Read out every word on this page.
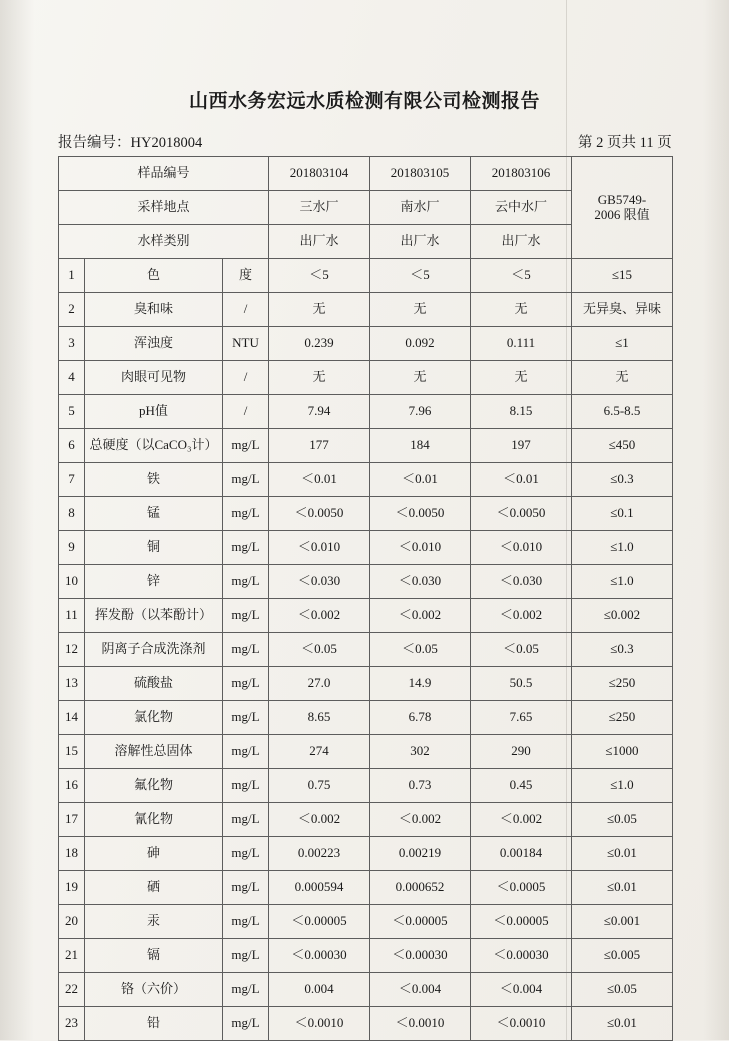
山西水务宏远水质检测有限公司检测报告
报告编号：HY2018004	第 2 页共 11 页
样品编号			201803104	201803105	201803106	GB5749-
2006 限值

采样地点			三水厂	南水厂	云中水厂	
水样类别			出厂水	出厂水	出厂水	
1	色	度	＜5	＜5	＜5	≤15
2	臭和味	/	无	无	无	无异臭、异味
3	浑浊度	NTU	0.239	0.092	0.111	≤1
4	肉眼可见物	/	无	无	无	无
5	pH值	/	7.94	7.96	8.15	6.5-8.5
6	总硬度（以CaCO₃计）	mg/L	177	184	197	≤450
7	铁	mg/L	＜0.01	＜0.01	＜0.01	≤0.3
8	锰	mg/L	＜0.0050	＜0.0050	＜0.0050	≤0.1
9	铜	mg/L	＜0.010	＜0.010	＜0.010	≤1.0
10	锌	mg/L	＜0.030	＜0.030	＜0.030	≤1.0
11	挥发酚（以苯酚计）	mg/L	＜0.002	＜0.002	＜0.002	≤0.002
12	阴离子合成洗涤剂	mg/L	＜0.05	＜0.05	＜0.05	≤0.3
13	硫酸盐	mg/L	27.0	14.9	50.5	≤250
14	氯化物	mg/L	8.65	6.78	7.65	≤250
15	溶解性总固体	mg/L	274	302	290	≤1000
16	氟化物	mg/L	0.75	0.73	0.45	≤1.0
17	氰化物	mg/L	＜0.002	＜0.002	＜0.002	≤0.05
18	砷	mg/L	0.00223	0.00219	0.00184	≤0.01
19	硒	mg/L	0.000594	0.000652	＜0.0005	≤0.01
20	汞	mg/L	＜0.00005	＜0.00005	＜0.00005	≤0.001
21	镉	mg/L	＜0.00030	＜0.00030	＜0.00030	≤0.005
22	铬（六价）	mg/L	0.004	＜0.004	＜0.004	≤0.05
23	铅	mg/L	＜0.0010	＜0.0010	＜0.0010	≤0.01
